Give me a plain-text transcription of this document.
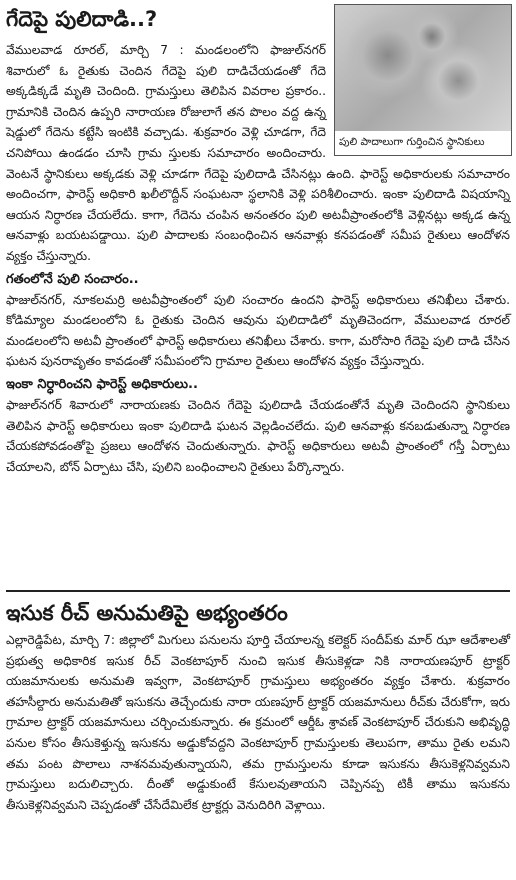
గేదెపై పులిదాడి..?

వేములవాడ రూరల్‌, మార్చి 7 : మండలంలోని ఫాజుల్‌నగర్‌ శివారులో ఓ రైతుకు చెందిన గేదెపై పులి దాడిచేయడంతో గేదె అక్కడిక్కడే మృతి చెందింది. గ్రామస్తులు తెలిపిన వివరాల ప్రకారం.. గ్రామానికి చెందిన ఉప్పరి నారాయణ రోజులాగే తన పొలం వద్ద ఉన్న షెడ్డులో గేదెను కట్టేసి ఇంటికి వచ్చాడు. శుక్రవారం వెళ్లి చూడగా, గేదె చనిపోయి ఉండడం చూసి గ్రామ స్తులకు సమాచారం అందించారు. వెంటనే స్థానికులు అక్కడకు వెళ్లి చూడగా గేదెపై పులిదాడి చేసినట్లు ఉంది. ఫారెస్ట్‌ అధికారులకు సమాచారం అందించగా, ఫారెస్ట్‌ అధికారి ఖలీలొద్దీన్‌ సంఘటనా స్థలానికి వెళ్లి పరిశీలించారు. ఇంకా పులిదాడి విషయాన్ని ఆయన నిర్ధారణ చేయలేదు. కాగా, గేదెను చంపిన అనంతరం పులి అటవీప్రాంతంలోకి వెళ్లినట్లు అక్కడ ఉన్న ఆనవాళ్లు బయటపడ్డాయి. పులి పాదాలకు సంబంధించిన ఆనవాళ్లు కనపడంతో సమీప రైతులు ఆందోళన వ్యక్తం చేస్తున్నారు.

గతంలోనే పులి సంచారం..

ఫాజుల్‌నగర్‌, నూకలమర్రి అటవీప్రాంతంలో పులి సంచారం ఉందని ఫారెస్ట్‌ అధికారులు తనిఖీలు చేశారు. కోడిమ్యాల మండలంలోని ఓ రైతుకు చెందిన ఆవును పులిదాడిలో మృతిచెందగా, వేములవాడ రూరల్‌ మండలంలోని అటవీ ప్రాంతంలో ఫారెస్ట్‌ అధికారులు తనిఖీలు చేశారు. కాగా, మరోసారి గేదెపై పులి దాడి చేసిన ఘటన పునరావృతం కావడంతో సమీపంలోని గ్రామాల రైతులు ఆందోళన వ్యక్తం చేస్తున్నారు.

ఇంకా నిర్ధారించని ఫారెస్ట్‌ అధికారులు..

ఫాజుల్‌నగర్‌ శివారులో నారాయణకు చెందిన గేదెపై పులిదాడి చేయడంతోనే మృతి చెందిందని స్థానికులు తెలిపిన ఫారెస్ట్‌ అధికారులు ఇంకా పులిదాడి ఘటన వెల్లడించలేదు. పులి ఆనవాళ్లు కనబడుతున్నా నిర్ధారణ చేయకపోవడంతోపై ప్రజలు ఆందోళన చెందుతున్నారు. ఫారెస్ట్‌ అధికారులు అటవీ ప్రాంతంలో గస్తీ ఏర్పాటు చేయాలని, బోన్‌ ఏర్పాటు చేసి, పులిని బంధించాలని రైతులు పేర్కొన్నారు.

పులి పాదాలుగా గుర్తించిన స్థానికులు
ఇసుక రీచ్‌ అనుమతిపై అభ్యంతరం

ఎల్లారెడ్డిపేట, మార్చి 7: జిల్లాలో మిగులు పనులను పూర్తి చేయాలన్న కలెక్టర్‌ సందీప్‌కు మార్‌ ఝా ఆదేశాలతో ప్రభుత్వ అధికారిక ఇసుక రీచ్‌ వెంకటాపూర్‌ నుంచి ఇసుక తీసుకెళ్లడా నికి నారాయణపూర్‌ ట్రాక్టర్‌ యజమానులకు అనుమతి ఇవ్వగా, వెంకటాపూర్‌ గ్రామస్తులు అభ్యంతరం వ్యక్తం చేశారు. శుక్రవారం తహసీల్దారు అనుమతితో ఇసుకను తెచ్చేందుకు నారా యణపూర్‌ ట్రాక్టర్‌ యజమానులు రీచ్‌కు చేరుకోగా, ఇరు గ్రామాల ట్రాక్టర్‌ యజమానులు చర్చించుకున్నారు. ఈ క్రమంలో ఆర్డీఓ శ్రావణ్‌ వెంకటాపూర్‌ చేరుకుని అభివృద్ధి పనుల కోసం తీసుకెళ్తున్న ఇసుకను అడ్డుకోవద్దని వెంకటాపూర్‌ గ్రామస్తులకు తెలుపగా, తాము రైతు లమని తమ పంట పొలాలు నాశనమవుతున్నాయని, తమ గ్రామస్తులను కూడా ఇసుకను తీసుకెళ్లనివ్వమని గ్రామస్తులు బదులిచ్చారు. దీంతో అడ్డుకుంటే కేసులవుతాయని చెప్పినప్ప టికీ తాము ఇసుకను తీసుకెళ్లనివ్వమని చెప్పడంతో చేసేదేమిలేక ట్రాక్టర్లు వెనుదిరిగి వెళ్లాయి.
